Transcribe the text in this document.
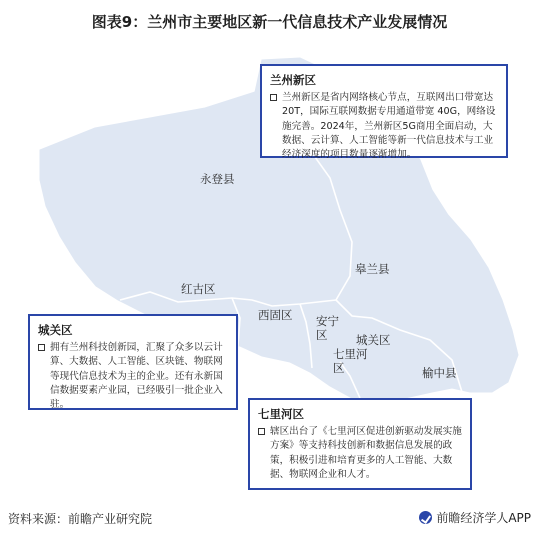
图表9：兰州市主要地区新一代信息技术产业发展情况
永登县
皋兰县
红古区
西固区 安宁区	城关区
七里河区	榆中县
兰州新区
兰州新区是省内网络核心节点，互联网出口带宽达 20T，国际互联网数据专用通道带宽 40G，网络设施完善。2024年，兰州新区5G商用全面启动，大数据、云计算、人工智能等新一代信息技术与工业经济深度的项目数量逐渐增加。
城关区
拥有兰州科技创新园，汇聚了众多以云计算、大数据、人工智能、区块链、物联网等现代信息技术为主的企业。还有永新国信数据要素产业园，已经吸引一批企业入驻。
七里河区
辖区出台了《七里河区促进创新驱动发展实施方案》等支持科技创新和数据信息发展的政策，积极引进和培育更多的人工智能、大数据、物联网企业和人才。
资料来源：前瞻产业研究院	前瞻经济学人APP
